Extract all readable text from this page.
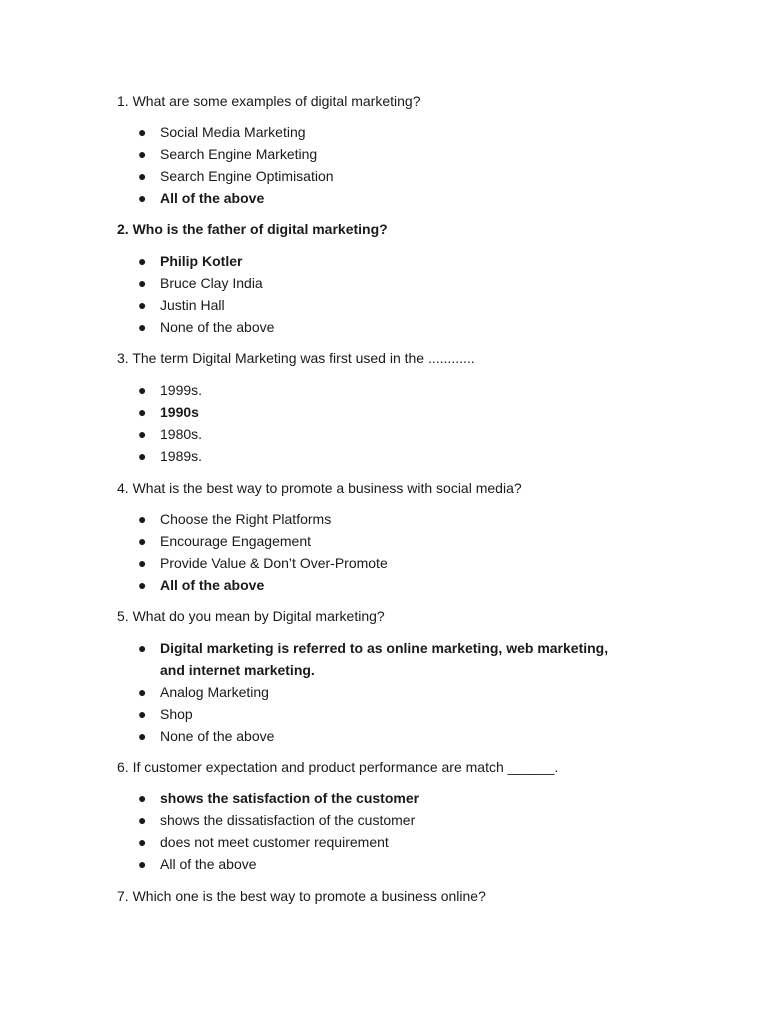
1. What are some examples of digital marketing?

● Social Media Marketing
● Search Engine Marketing
● Search Engine Optimisation
● All of the above

2. Who is the father of digital marketing?

● Philip Kotler
● Bruce Clay India
● Justin Hall
● None of the above

3. The term Digital Marketing was first used in the ............

● 1999s.
● 1990s
● 1980s.
● 1989s.

4. What is the best way to promote a business with social media?

● Choose the Right Platforms
● Encourage Engagement
● Provide Value & Don’t Over-Promote
● All of the above

5. What do you mean by Digital marketing?

● Digital marketing is referred to as online marketing, web marketing, and internet marketing.
● Analog Marketing
● Shop
● None of the above

6. If customer expectation and product performance are match ______.

● shows the satisfaction of the customer
● shows the dissatisfaction of the customer
● does not meet customer requirement
● All of the above

7. Which one is the best way to promote a business online?
